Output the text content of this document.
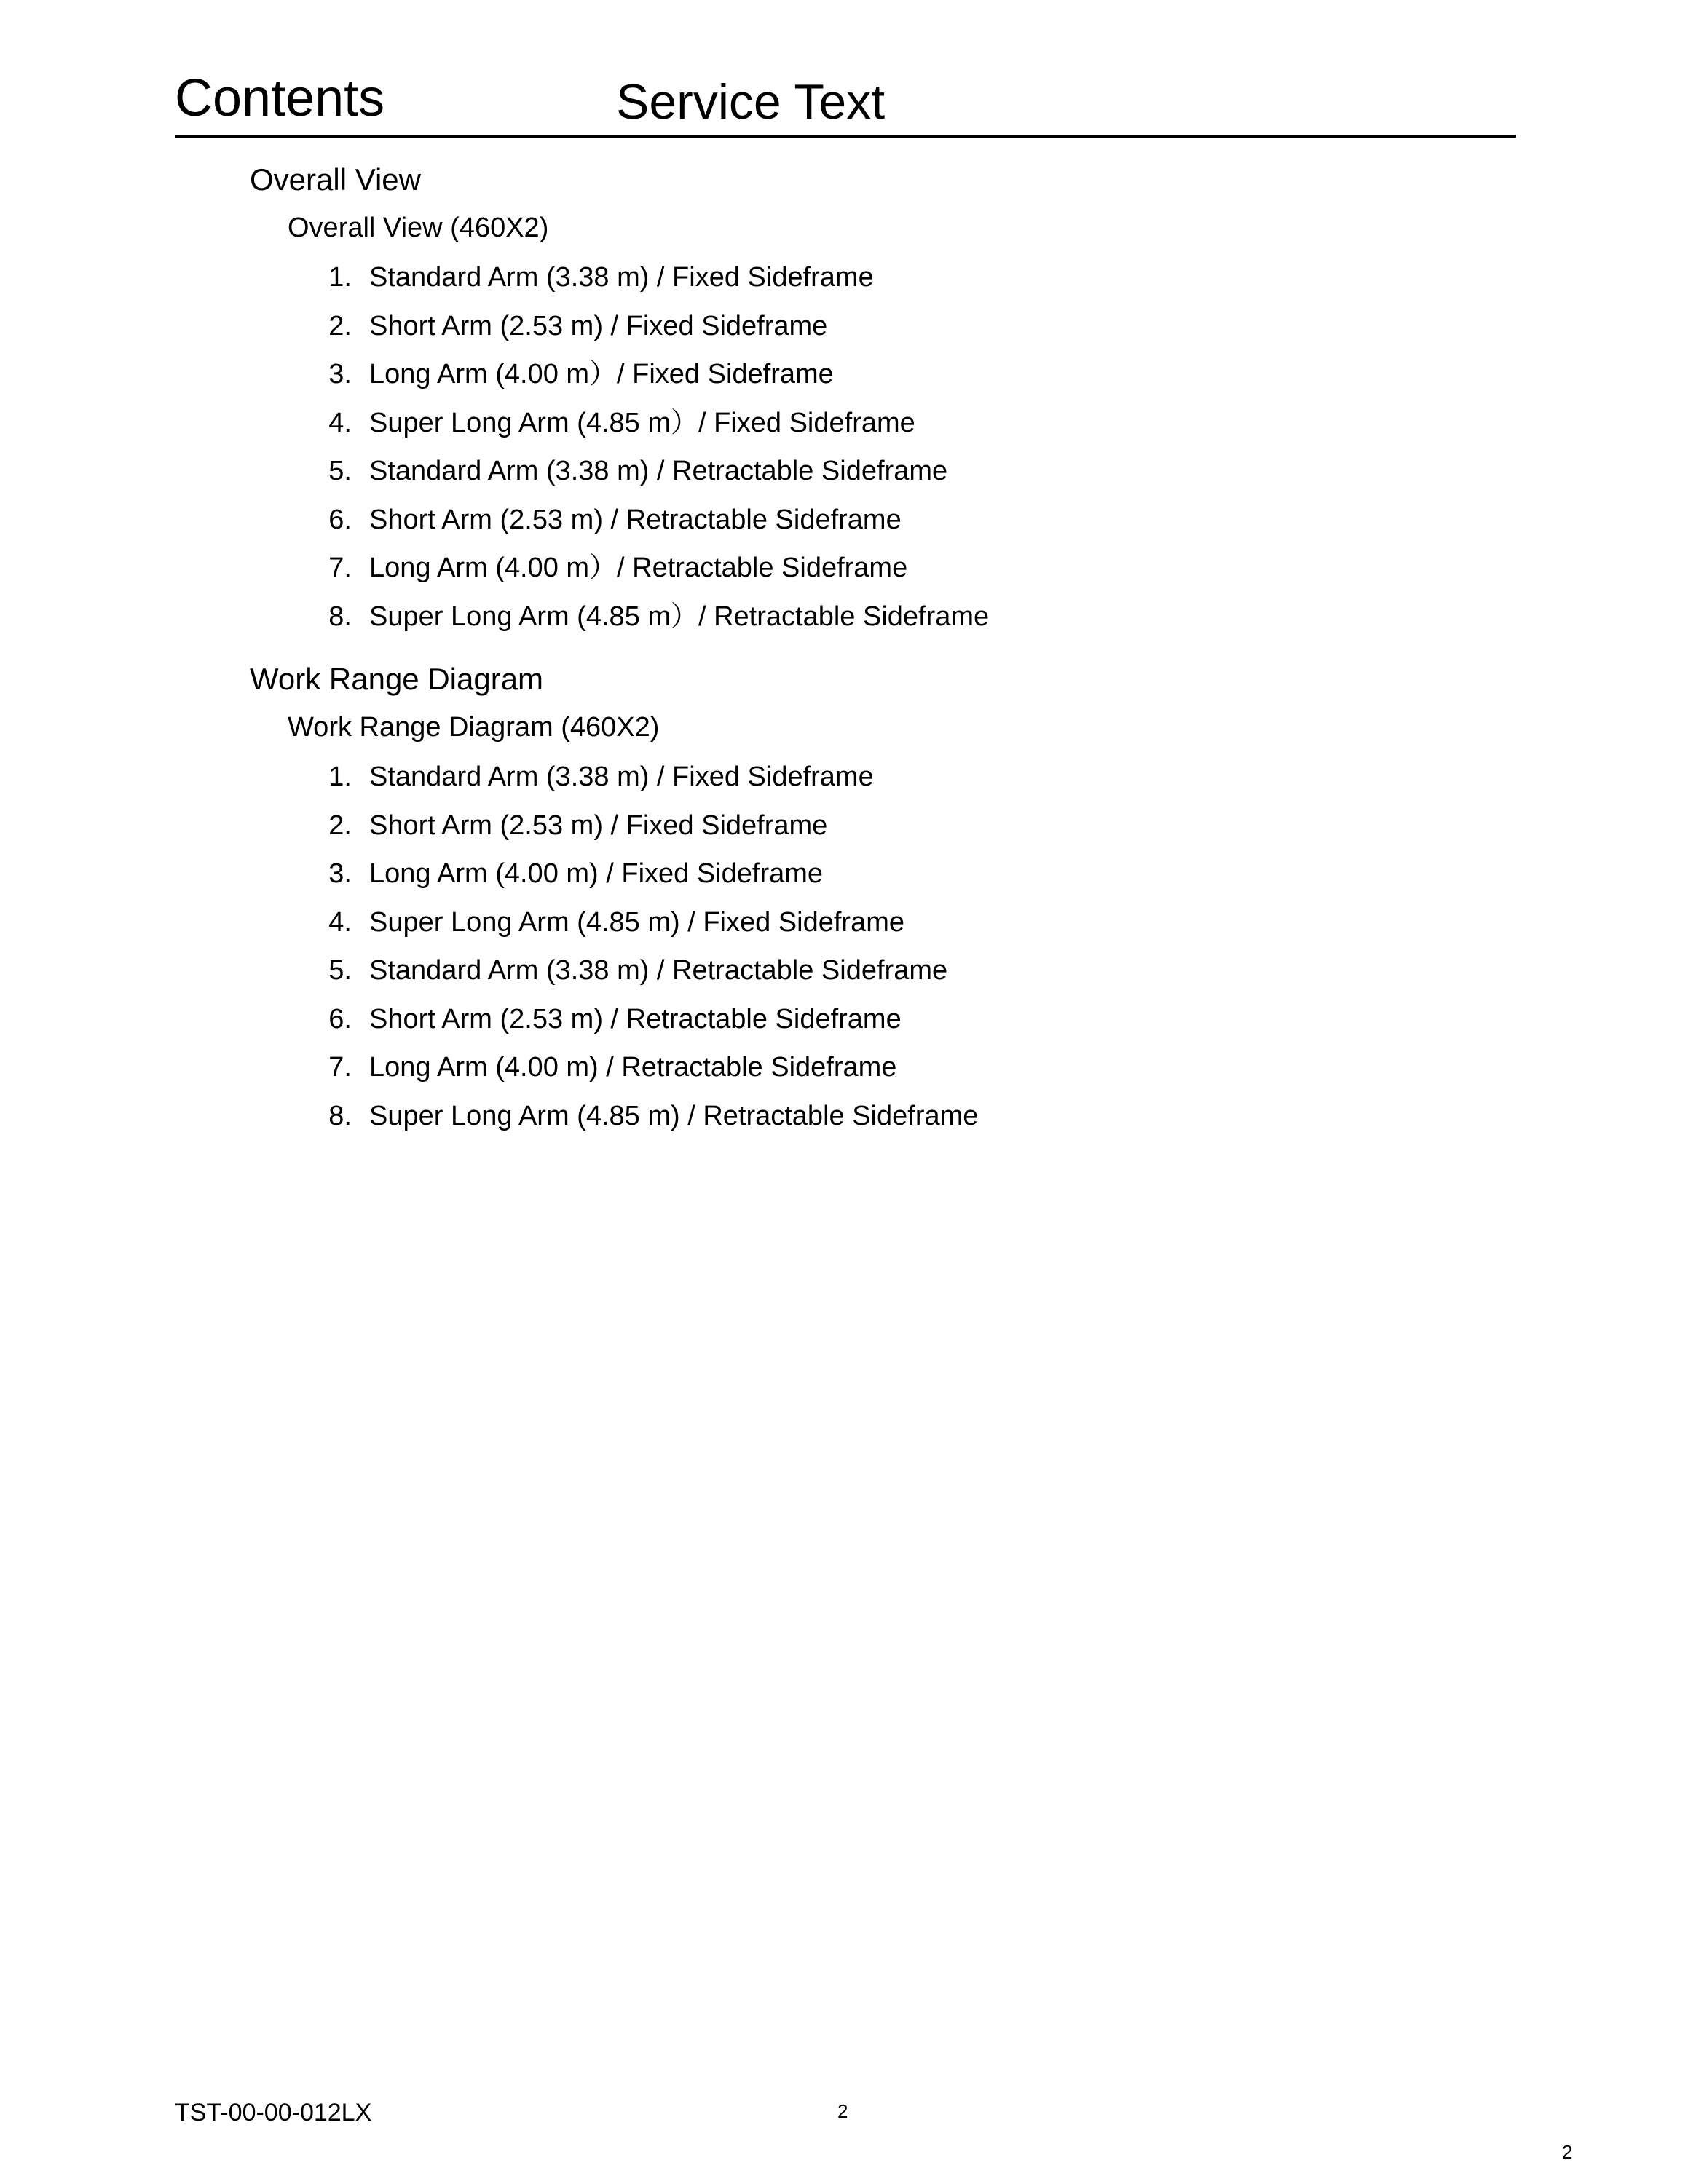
Contents	Service Text
Overall View
Overall View (460X2)
1. Standard Arm (3.38 m) / Fixed Sideframe
2. Short Arm (2.53 m) / Fixed Sideframe
3. Long Arm (4.00 m）/ Fixed Sideframe
4. Super Long Arm (4.85 m）/ Fixed Sideframe
5. Standard Arm (3.38 m) / Retractable Sideframe
6. Short Arm (2.53 m) / Retractable Sideframe
7. Long Arm (4.00 m）/ Retractable Sideframe
8. Super Long Arm (4.85 m）/ Retractable Sideframe
Work Range Diagram
Work Range Diagram (460X2)
1. Standard Arm (3.38 m) / Fixed Sideframe
2. Short Arm (2.53 m) / Fixed Sideframe
3. Long Arm (4.00 m) / Fixed Sideframe
4. Super Long Arm (4.85 m) / Fixed Sideframe
5. Standard Arm (3.38 m) / Retractable Sideframe
6. Short Arm (2.53 m) / Retractable Sideframe
7. Long Arm (4.00 m) / Retractable Sideframe
8. Super Long Arm (4.85 m) / Retractable Sideframe
TST-00-00-012LX	2
2
